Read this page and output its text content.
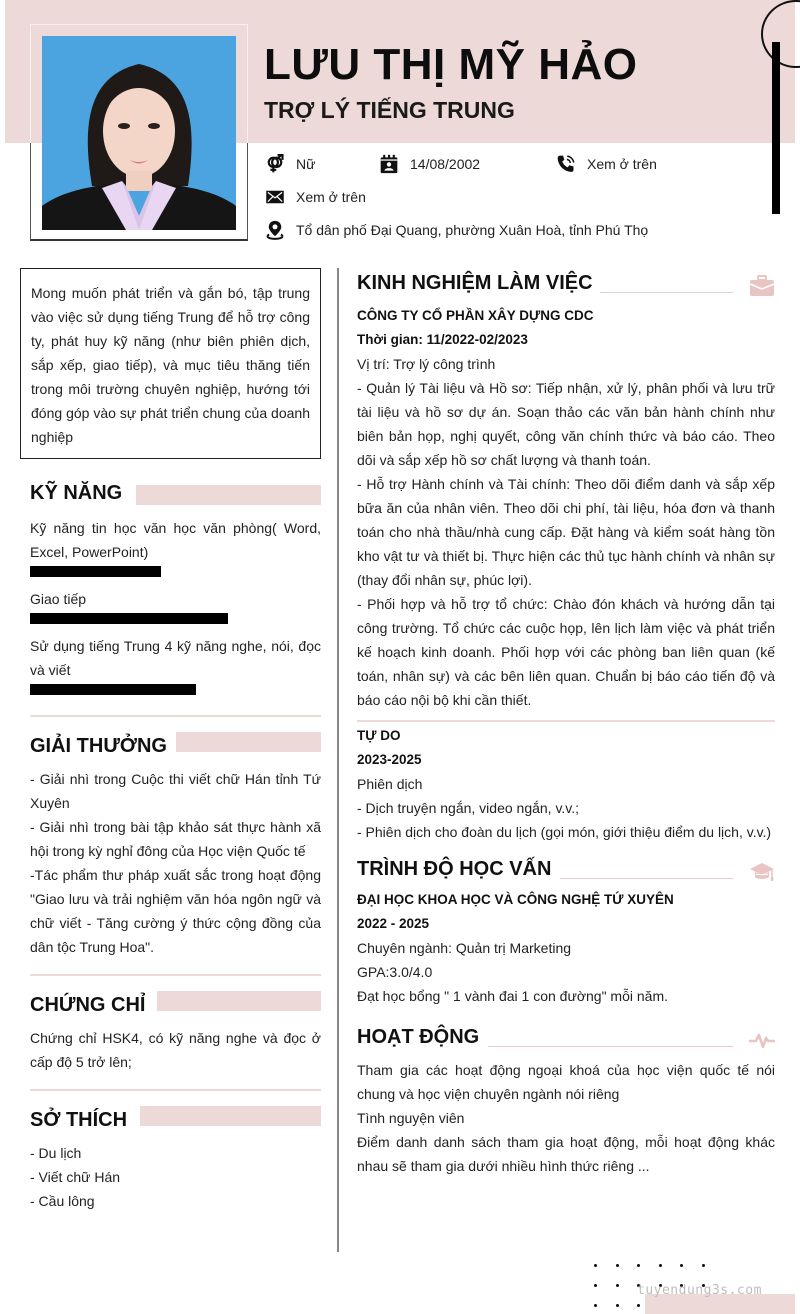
LƯU THỊ MỸ HẢO
TRỢ LÝ TIẾNG TRUNG
Nữ	14/08/2002	Xem ở trên
Xem ở trên
Tổ dân phố Đại Quang, phường Xuân Hoà, tỉnh Phú Thọ

Mong muốn phát triển và gắn bó, tập trung vào việc sử dụng tiếng Trung để hỗ trợ công ty, phát huy kỹ năng (như biên phiên dịch, sắp xếp, giao tiếp), và mục tiêu thăng tiến trong môi trường chuyên nghiệp, hướng tới đóng góp vào sự phát triển chung của doanh nghiệp

KỸ NĂNG
Kỹ năng tin học văn học văn phòng( Word, Excel, PowerPoint)
Giao tiếp
Sử dụng tiếng Trung 4 kỹ năng nghe, nói, đọc và viết
GIẢI THƯỞNG
- Giải nhì trong Cuộc thi viết chữ Hán tỉnh Tứ Xuyên
- Giải nhì trong bài tập khảo sát thực hành xã hội trong kỳ nghỉ đông của Học viện Quốc tế
-Tác phẩm thư pháp xuất sắc trong hoạt động "Giao lưu và trải nghiệm văn hóa ngôn ngữ và chữ viết - Tăng cường ý thức cộng đồng của dân tộc Trung Hoa".
CHỨNG CHỈ
Chứng chỉ HSK4, có kỹ năng nghe và đọc ở cấp độ 5 trở lên;
SỞ THÍCH
- Du lịch
- Viết chữ Hán
- Cầu lông
KINH NGHIỆM LÀM VIỆC
CÔNG TY CỔ PHẦN XÂY DỰNG CDC
Thời gian: 11/2022-02/2023
Vị trí: Trợ lý công trình
- Quản lý Tài liệu và Hồ sơ: Tiếp nhận, xử lý, phân phối và lưu trữ tài liệu và hồ sơ dự án. Soạn thảo các văn bản hành chính như biên bản họp, nghị quyết, công văn chính thức và báo cáo. Theo dõi và sắp xếp hồ sơ chất lượng và thanh toán.
- Hỗ trợ Hành chính và Tài chính: Theo dõi điểm danh và sắp xếp bữa ăn của nhân viên. Theo dõi chi phí, tài liệu, hóa đơn và thanh toán cho nhà thầu/nhà cung cấp. Đặt hàng và kiểm soát hàng tồn kho vật tư và thiết bị. Thực hiện các thủ tục hành chính và nhân sự (thay đổi nhân sự, phúc lợi).
- Phối hợp và hỗ trợ tổ chức: Chào đón khách và hướng dẫn tại công trường. Tổ chức các cuộc họp, lên lịch làm việc và phát triển kế hoạch kinh doanh. Phối hợp với các phòng ban liên quan (kế toán, nhân sự) và các bên liên quan. Chuẩn bị báo cáo tiến độ và báo cáo nội bộ khi cần thiết.
TỰ DO
2023-2025
Phiên dịch
- Dịch truyện ngắn, video ngắn, v.v.;
- Phiên dịch cho đoàn du lịch (gọi món, giới thiệu điểm du lịch, v.v.)
TRÌNH ĐỘ HỌC VẤN
ĐẠI HỌC KHOA HỌC VÀ CÔNG NGHỆ TỨ XUYÊN
2022 - 2025
Chuyên ngành: Quản trị Marketing
GPA:3.0/4.0
Đạt học bổng " 1 vành đai 1 con đường" mỗi năm.
HOẠT ĐỘNG
Tham gia các hoạt động ngoại khoá của học viện quốc tế nói chung và học viện chuyên ngành nói riêng
Tình nguyện viên
Điểm danh danh sách tham gia hoạt động, mỗi hoạt động khác nhau sẽ tham gia dưới nhiều hình thức riêng ...
tuyendung3s.com
